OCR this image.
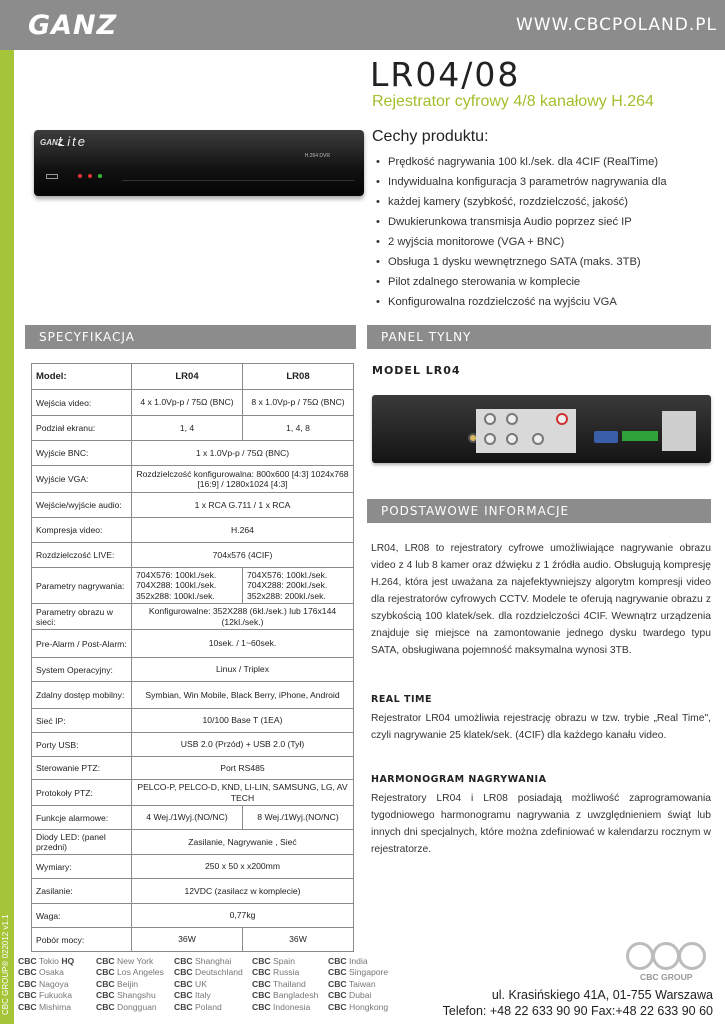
GANZ	WWW.CBCPOLAND.PL
CBC GROUP® 022012 v1.1
LR04/08
Rejestrator cyfrowy 4/8 kanałowy H.264
GANZ
Lite
H.264 DVR
Cechy produktu:
• Prędkość nagrywania 100 kl./sek. dla 4CIF (RealTime)
• Indywidualna konfiguracja 3 parametrów nagrywania dla
• każdej kamery (szybkość, rozdzielczość, jakość)
• Dwukierunkowa transmisja Audio poprzez sieć IP
• 2 wyjścia monitorowe (VGA + BNC)
• Obsługa 1 dysku wewnętrznego SATA (maks. 3TB)
• Pilot zdalnego sterowania w komplecie
• Konfigurowalna rozdzielczość na wyjściu VGA
SPECYFIKACJA	PANEL TYLNY
PODSTAWOWE INFORMACJE
Model:	LR04	LR08
Wejścia video:	4 x 1.0Vp-p / 75Ω (BNC)	8 x 1.0Vp-p / 75Ω (BNC)
Podział ekranu:	1, 4	1, 4, 8
Wyjście BNC:	1 x 1.0Vp-p / 75Ω (BNC)	
Wyjście VGA:	Rozdzielczość konfigurowalna: 800x600 [4:3] 1024x768 [16:9] / 1280x1024 [4:3]	
Wejście/wyjście audio:	1 x RCA G.711 / 1 x RCA	
Kompresja video:	H.264	
Rozdzielczość LIVE:	704x576 (4CIF)	
Parametry nagrywania:	704X576: 100kl./sek. 704X288: 100kl./sek. 352x288: 100kl./sek.	704X576: 100kl./sek. 704X288: 200kl./sek. 352x288: 200kl./sek.
Parametry obrazu w sieci:	Konfigurowalne: 352X288 (6kl./sek.) lub 176x144 (12kl./sek.)	
Pre-Alarm / Post-Alarm:	10sek. / 1~60sek.	
System Operacyjny:	Linux / Triplex	
Zdalny dostęp mobilny:	Symbian, Win Mobile, Black Berry, iPhone, Android	
Sieć IP:	10/100 Base T (1EA)	
Porty USB:	USB 2.0 (Przód) + USB 2.0 (Tył)	
Sterowanie PTZ:	Port RS485	
Protokoły PTZ:	PELCO-P, PELCO-D, KND, LI-LIN, SAMSUNG, LG, AV TECH	
Funkcje alarmowe:	4 Wej./1Wyj.(NO/NC)	8 Wej./1Wyj.(NO/NC)
Diody LED: (panel przedni)	Zasilanie, Nagrywanie , Sieć	
Wymiary:	250 x 50 x x200mm	
Zasilanie:	12VDC (zasilacz w komplecie)	
Waga:	0,77kg	
Pobór mocy:	36W	36W
MODEL LR04
LR04, LR08 to rejestratory cyfrowe umożliwiające nagrywanie obrazu video z 4 lub 8 kamer oraz dźwięku z 1 źródła audio. Obsługują kompresję H.264, która jest uważana za najefektywniejszy algorytm kompresji video dla rejestratorów cyfrowych CCTV. Modele te oferują nagrywanie obrazu z szybkością 100 klatek/sek. dla rozdzielczości 4CIF. Wewnątrz urządzenia znajduje się miejsce na zamontowanie jednego dysku twardego typu SATA, obsługiwana pojemność maksymalna wynosi 3TB.
REAL TIME
Rejestrator LR04 umożliwia rejestrację obrazu w tzw. trybie „Real Time", czyli nagrywanie 25 klatek/sek. (4CIF) dla każdego kanału video.
HARMONOGRAM NAGRYWANIA
Rejestratory LR04 i LR08 posiadają możliwość zaprogramowania tygodniowego harmonogramu nagrywania z uwzględnieniem świąt lub innych dni specjalnych, które można zdefiniować w kalendarzu rocznym w rejestratorze.
CBC Tokio HQ	CBC New York	CBC Shanghai	CBC Spain	CBC India
CBC Osaka	CBC Los Angeles	CBC Deutschland	CBC Russia	CBC Singapore
CBC Nagoya	CBC Beijin	CBC UK	CBC Thailand	CBC Taiwan
CBC Fukuoka	CBC Shangshu	CBC Italy	CBC Bangladesh	CBC Dubai
CBC Mishima	CBC Dongguan	CBC Poland	CBC Indonesia	CBC Hongkong
CBC GROUP
ul. Krasińskiego 41A, 01-755 Warszawa
Telefon: +48 22 633 90 90 Fax:+48 22 633 90 60
